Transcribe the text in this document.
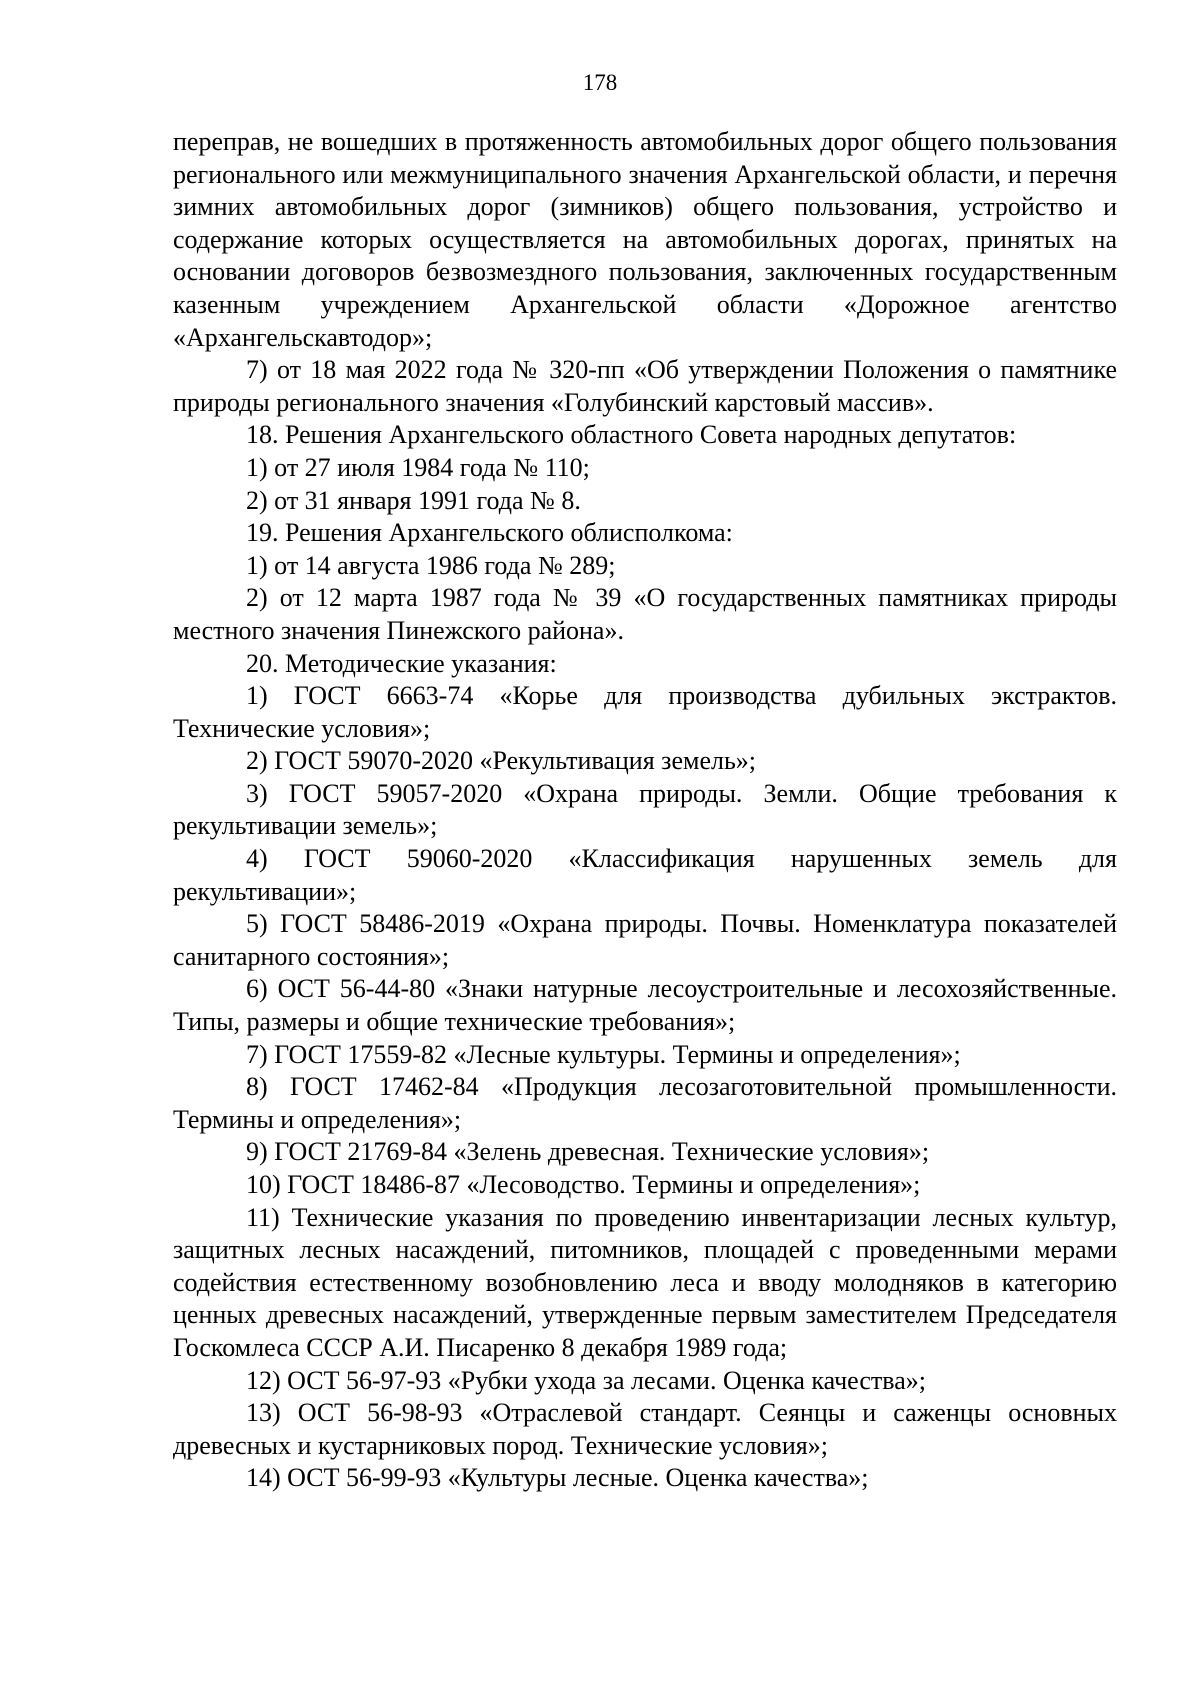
178

переправ, не вошедших в протяженность автомобильных дорог общего пользования регионального или межмуниципального значения Архангельской области, и перечня зимних автомобильных дорог (зимников) общего пользования, устройство и содержание которых осуществляется на автомобильных дорогах, принятых на основании договоров безвозмездного пользования, заключенных государственным казенным учреждением Архангельской области «Дорожное агентство «Архангельскавтодор»;

7) от 18 мая 2022 года № 320-пп «Об утверждении Положения о памятнике природы регионального значения «Голубинский карстовый массив».

18. Решения Архангельского областного Совета народных депутатов:

1) от 27 июля 1984 года № 110;

2) от 31 января 1991 года № 8.

19. Решения Архангельского облисполкома:

1) от 14 августа 1986 года № 289;

2) от 12 марта 1987 года № 39 «О государственных памятниках природы местного значения Пинежского района».

20. Методические указания:

1) ГОСТ 6663-74 «Корье для производства дубильных экстрактов. Технические условия»;

2) ГОСТ 59070-2020 «Рекультивация земель»;

3) ГОСТ 59057-2020 «Охрана природы. Земли. Общие требования к рекультивации земель»;

4) ГОСТ 59060-2020 «Классификация нарушенных земель для рекультивации»;

5) ГОСТ 58486-2019 «Охрана природы. Почвы. Номенклатура показателей санитарного состояния»;

6) ОСТ 56-44-80 «Знаки натурные лесоустроительные и лесохозяйственные. Типы, размеры и общие технические требования»;

7) ГОСТ 17559-82 «Лесные культуры. Термины и определения»;

8) ГОСТ 17462-84 «Продукция лесозаготовительной промышленности. Термины и определения»;

9) ГОСТ 21769-84 «Зелень древесная. Технические условия»;

10) ГОСТ 18486-87 «Лесоводство. Термины и определения»;

11) Технические указания по проведению инвентаризации лесных культур, защитных лесных насаждений, питомников, площадей с проведенными мерами содействия естественному возобновлению леса и вводу молодняков в категорию ценных древесных насаждений, утвержденные первым заместителем Председателя Госкомлеса СССР А.И. Писаренко 8 декабря 1989 года;

12) ОСТ 56-97-93 «Рубки ухода за лесами. Оценка качества»;

13) ОСТ 56-98-93 «Отраслевой стандарт. Сеянцы и саженцы основных древесных и кустарниковых пород. Технические условия»;

14) ОСТ 56-99-93 «Культуры лесные. Оценка качества»;
